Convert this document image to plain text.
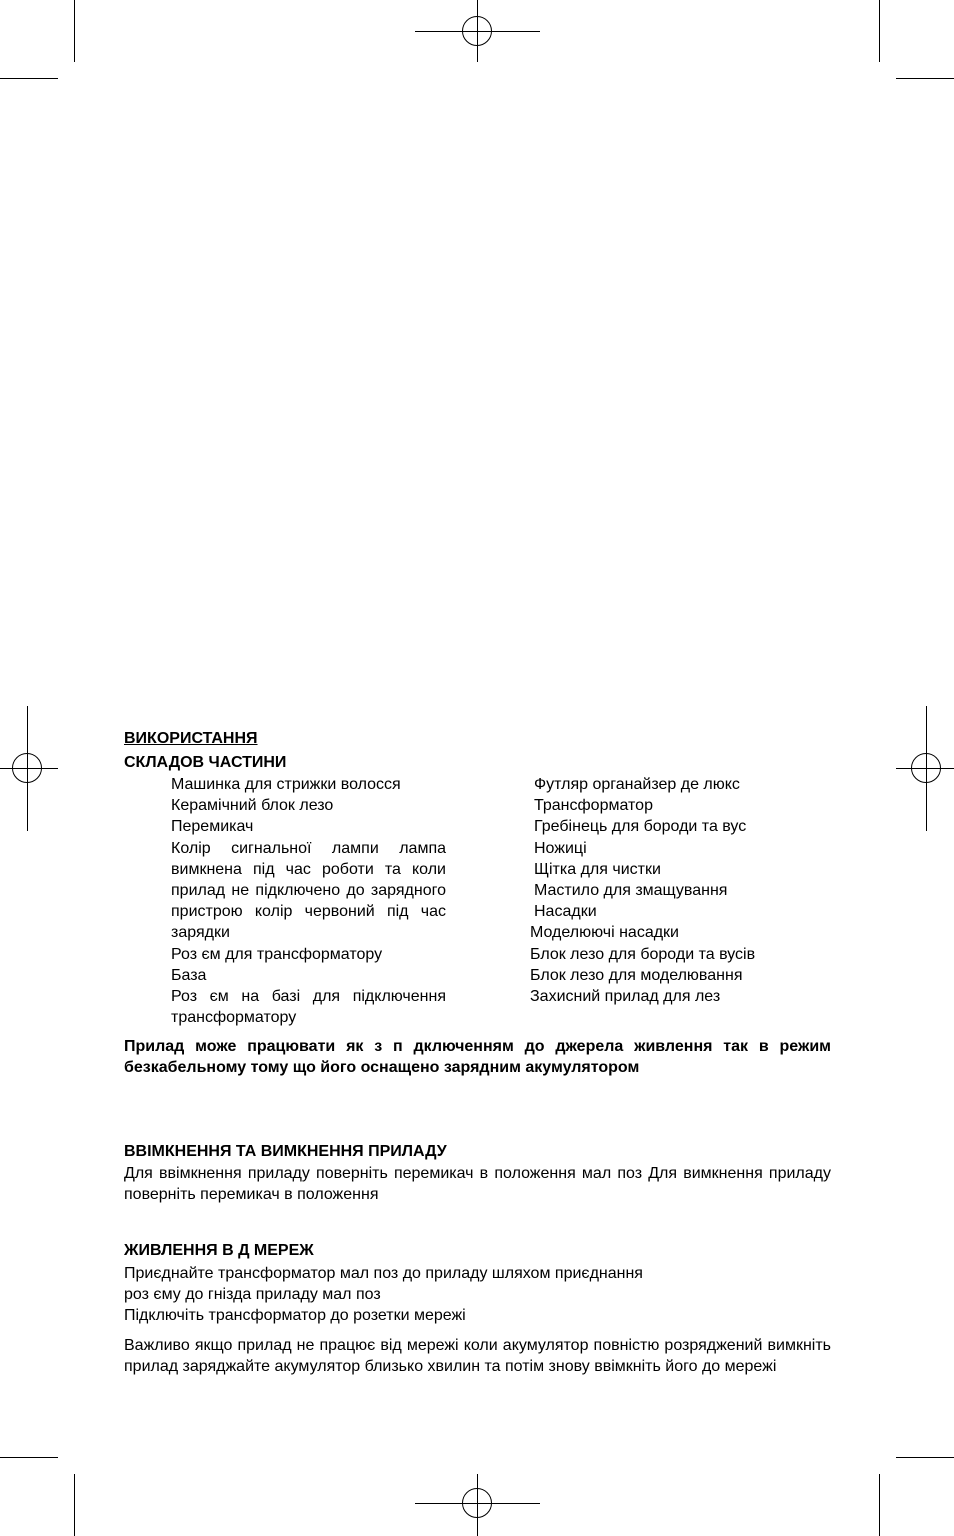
ВИКОРИСТАННЯ
СКЛАДОВ ЧАСТИНИ
Машинка для стрижки волосся
Керамічний блок лезо
Перемикач
Колір сигнальної лампи лампа вимкнена під час роботи та коли прилад не підключено до зарядного пристрою колір червоний під час зарядки
Роз єм для трансформатору
База
Роз єм на базі для підключення трансформатору
Футляр органайзер де люкс
Трансформатор
Гребінець для бороди та вус
Ножиці
Щітка для чистки
Мастило для змащування
Насадки
Моделюючі насадки
Блок лезо для бороди та вусів
Блок лезо для моделювання
Захисний прилад для лез
Прилад може працювати як з п дключенням до джерела живлення так в режим безкабельному тому що його оснащено зарядним акумулятором
ВВІМКНЕННЯ ТА ВИМКНЕННЯ ПРИЛАДУ
Для ввімкнення приладу поверніть перемикач в положення мал поз Для вимкнення приладу поверніть перемикач в положення
ЖИВЛЕННЯ В Д МЕРЕЖ
Приєднайте трансформатор мал поз до приладу шляхом приєднання
роз єму до гнізда приладу мал поз
Підключіть трансформатор до розетки мережі
Важливо якщо прилад не працює від мережі коли акумулятор повністю розряджений вимкніть прилад заряджайте акумулятор близько хвилин та потім знову ввімкніть його до мережі
